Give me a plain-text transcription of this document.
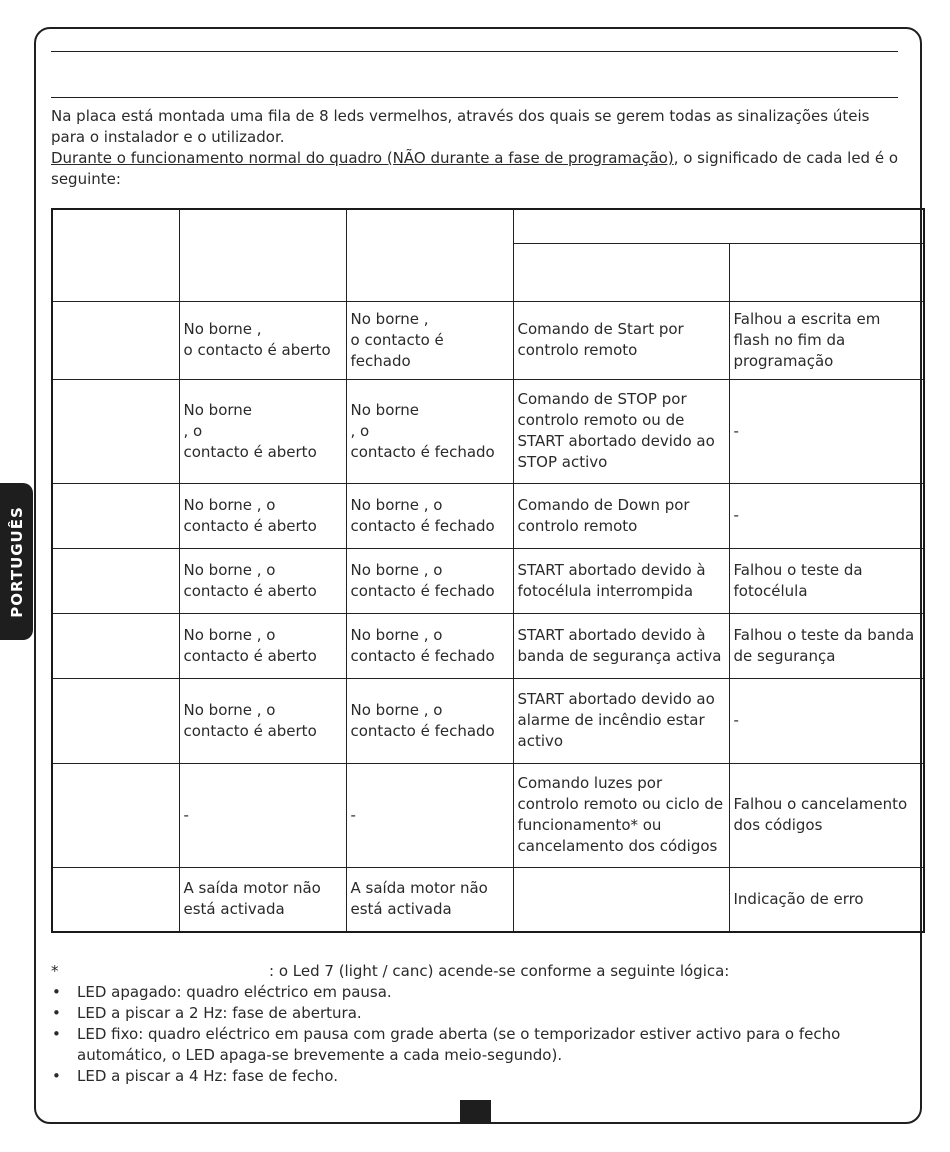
PORTUGUÊS

Na placa está montada uma fila de 8 leds vermelhos, através dos quais se gerem todas as sinalizações úteis para o instalador e o utilizador.

Durante o funcionamento normal do quadro (NÃO durante a fase de programação), o significado de cada led é o seguinte:

	No borne ,
o contacto é aberto	No borne ,
o contacto é fechado	Comando de Start por controlo remoto	Falhou a escrita em flash no fim da programação
	No borne
, o
contacto é aberto	No borne
, o
contacto é fechado	Comando de STOP por controlo remoto ou de START abortado devido ao STOP activo	-
	No borne , o
contacto é aberto	No borne , o
contacto é fechado	Comando de Down por controlo remoto	-
	No borne , o
contacto é aberto	No borne , o
contacto é fechado	START abortado devido à fotocélula interrompida	Falhou o teste da fotocélula
	No borne , o
contacto é aberto	No borne , o
contacto é fechado	START abortado devido à banda de segurança activa	Falhou o teste da banda de segurança
	No borne , o
contacto é aberto	No borne , o
contacto é fechado	START abortado devido ao alarme de incêndio estar activo	-
	-	-	Comando luzes por controlo remoto ou ciclo de funcionamento* ou cancelamento dos códigos	Falhou o cancelamento dos códigos
	A saída motor não está activada	A saída motor não está activada		Indicação de erro
*	: o Led 7 (light / canc) acende-se conforme a seguinte lógica:
• LED apagado: quadro eléctrico em pausa.
• LED a piscar a 2 Hz: fase de abertura.
• LED fixo: quadro eléctrico em pausa com grade aberta (se o temporizador estiver activo para o fecho automático, o LED apaga-se brevemente a cada meio-segundo).
• LED a piscar a 4 Hz: fase de fecho.
